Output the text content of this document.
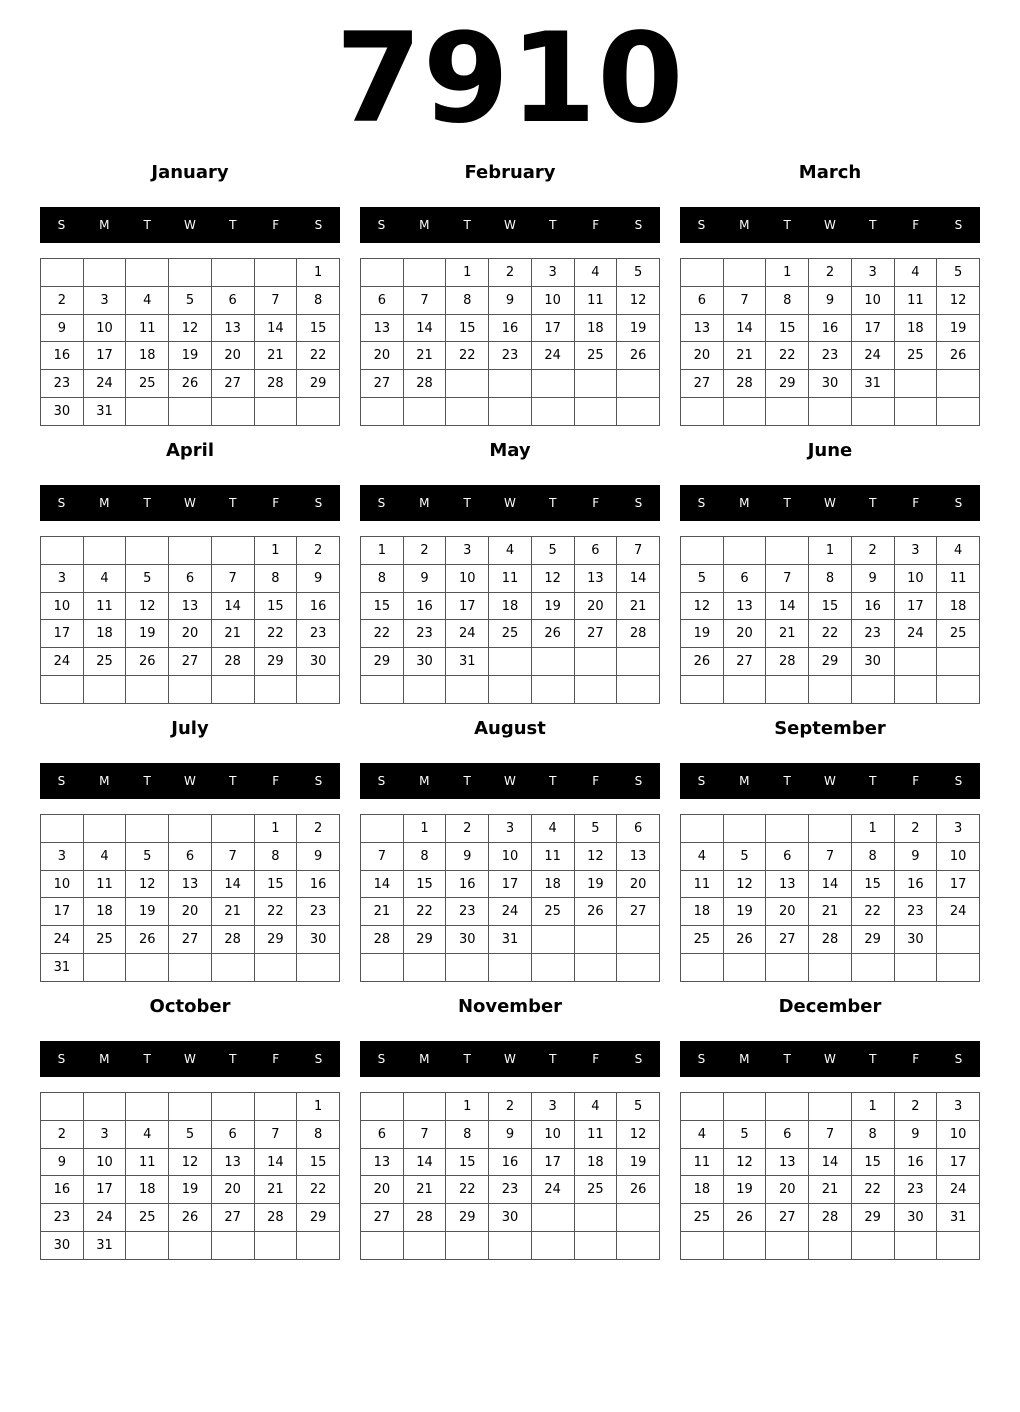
7910
January
S	M	T	W	T	F	S
						1
2	3	4	5	6	7	8
9	10	11	12	13	14	15
16	17	18	19	20	21	22
23	24	25	26	27	28	29
30	31					
February
S	M	T	W	T	F	S
		1	2	3	4	5
6	7	8	9	10	11	12
13	14	15	16	17	18	19
20	21	22	23	24	25	26
27	28					

March
S	M	T	W	T	F	S
		1	2	3	4	5
6	7	8	9	10	11	12
13	14	15	16	17	18	19
20	21	22	23	24	25	26
27	28	29	30	31		

April
S	M	T	W	T	F	S
					1	2
3	4	5	6	7	8	9
10	11	12	13	14	15	16
17	18	19	20	21	22	23
24	25	26	27	28	29	30

May
S	M	T	W	T	F	S
1	2	3	4	5	6	7
8	9	10	11	12	13	14
15	16	17	18	19	20	21
22	23	24	25	26	27	28
29	30	31				

June
S	M	T	W	T	F	S
			1	2	3	4
5	6	7	8	9	10	11
12	13	14	15	16	17	18
19	20	21	22	23	24	25
26	27	28	29	30		

July
S	M	T	W	T	F	S
					1	2
3	4	5	6	7	8	9
10	11	12	13	14	15	16
17	18	19	20	21	22	23
24	25	26	27	28	29	30
31						
August
S	M	T	W	T	F	S
	1	2	3	4	5	6
7	8	9	10	11	12	13
14	15	16	17	18	19	20
21	22	23	24	25	26	27
28	29	30	31			

September
S	M	T	W	T	F	S
				1	2	3
4	5	6	7	8	9	10
11	12	13	14	15	16	17
18	19	20	21	22	23	24
25	26	27	28	29	30	

October
S	M	T	W	T	F	S
						1
2	3	4	5	6	7	8
9	10	11	12	13	14	15
16	17	18	19	20	21	22
23	24	25	26	27	28	29
30	31					
November
S	M	T	W	T	F	S
		1	2	3	4	5
6	7	8	9	10	11	12
13	14	15	16	17	18	19
20	21	22	23	24	25	26
27	28	29	30			

December
S	M	T	W	T	F	S
				1	2	3
4	5	6	7	8	9	10
11	12	13	14	15	16	17
18	19	20	21	22	23	24
25	26	27	28	29	30	31
